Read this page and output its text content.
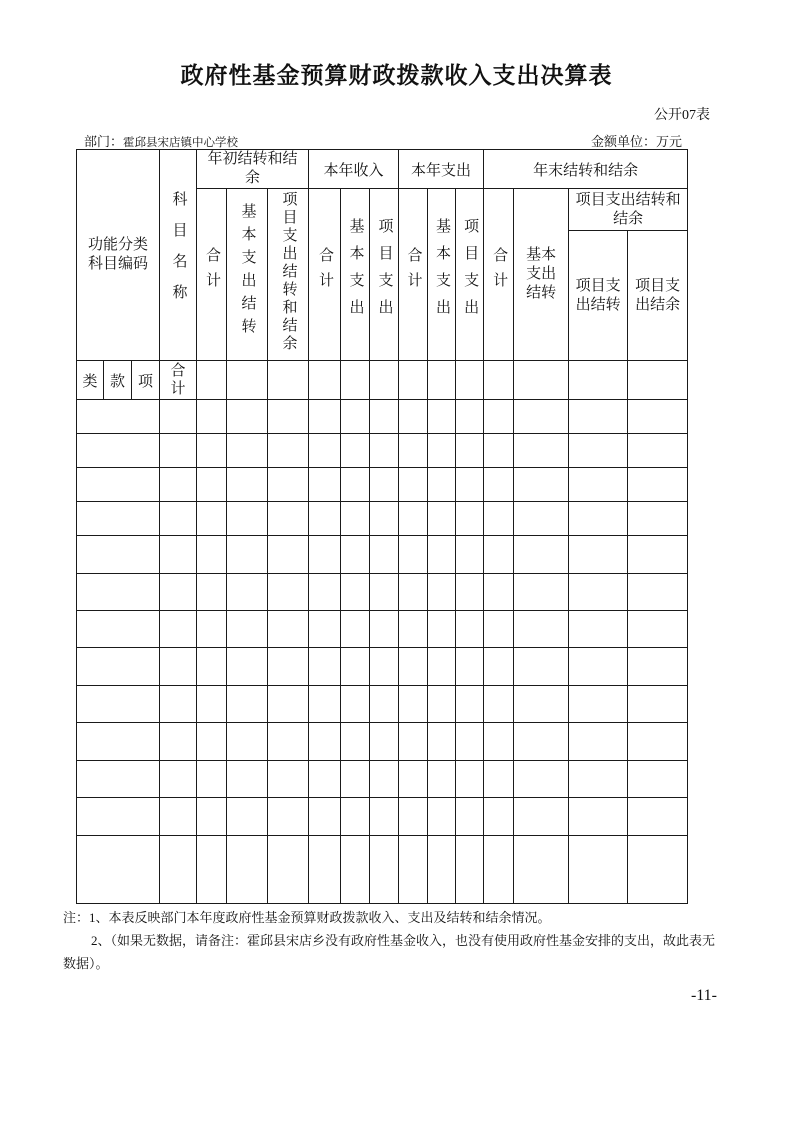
政府性基金预算财政拨款收入支出决算表
公开07表
部门：霍邱县宋店镇中心学校	金额单位：万元
功能分类科目编码			科目名称	年初结转和结余			本年收入			本年支出			年末结转和结余			
				合计	基本支出结转	项目支出结转和结余	合计	基本支出	项目支出	合计	基本支出	项目支出	合计	基本支出结转	项目支出结转和结余	
															项目支出结转	项目支出结余
类	款	项	合计													

注：1、本表反映部门本年度政府性基金预算财政拨款收入、支出及结转和结余情况。
2、（如果无数据，请备注：霍邱县宋店乡没有政府性基金收入，也没有使用政府性基金安排的支出，故此表无数据）。
-11-
